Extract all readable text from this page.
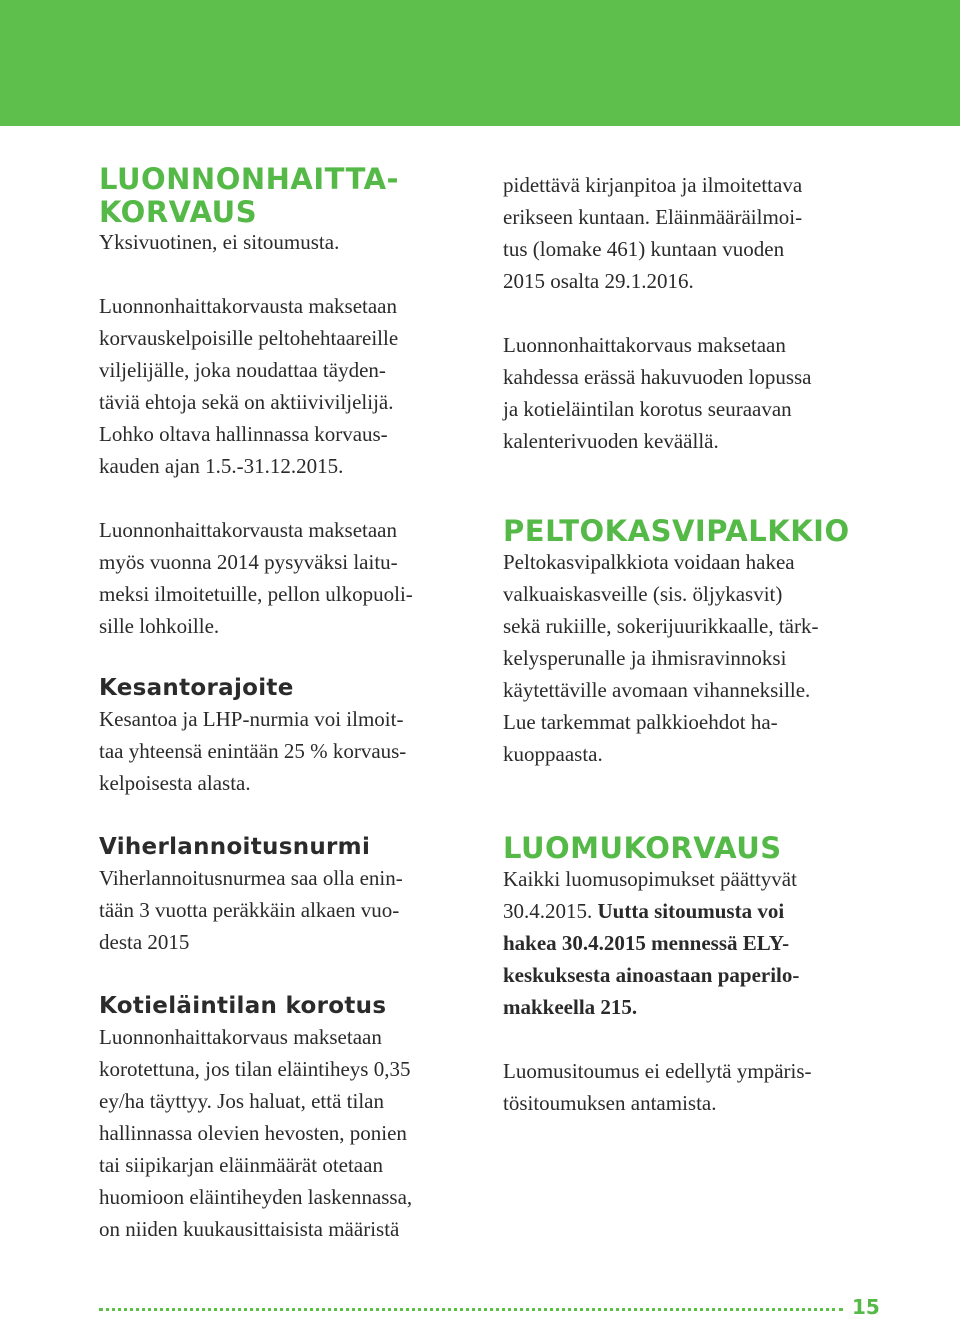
LUONNONHAITTA-
KORVAUS
Yksivuotinen, ei sitoumusta.
Luonnonhaittakorvausta maksetaan
korvauskelpoisille peltohehtaareille
viljelijälle, joka noudattaa täyden-
täviä ehtoja sekä on aktiiviviljelijä.
Lohko oltava hallinnassa korvaus-
kauden ajan 1.5.-31.12.2015.
Luonnonhaittakorvausta maksetaan
myös vuonna 2014 pysyväksi laitu-
meksi ilmoitetuille, pellon ulkopuoli-
sille lohkoille.
Kesantorajoite
Kesantoa ja LHP-nurmia voi ilmoit-
taa yhteensä enintään 25 % korvaus-
kelpoisesta alasta.
Viherlannoitusnurmi
Viherlannoitusnurmea saa olla enin-
tään 3 vuotta peräkkäin alkaen vuo-
desta 2015
Kotieläintilan korotus
Luonnonhaittakorvaus maksetaan
korotettuna, jos tilan eläintiheys 0,35
ey/ha täyttyy. Jos haluat, että tilan
hallinnassa olevien hevosten, ponien
tai siipikarjan eläinmäärät otetaan
huomioon eläintiheyden laskennassa,
on niiden kuukausittaisista määristä
pidettävä kirjanpitoa ja ilmoitettava
erikseen kuntaan. Eläinmääräilmoi-
tus (lomake 461) kuntaan vuoden
2015 osalta 29.1.2016.
Luonnonhaittakorvaus maksetaan
kahdessa erässä hakuvuoden lopussa
ja kotieläintilan korotus seuraavan
kalenterivuoden keväällä.
PELTOKASVIPALKKIO
Peltokasvipalkkiota voidaan hakea
valkuaiskasveille (sis. öljykasvit)
sekä rukiille, sokerijuurikkaalle, tärk-
kelysperunalle ja ihmisravinnoksi
käytettäville avomaan vihanneksille.
Lue tarkemmat palkkioehdot ha-
kuoppaasta.
LUOMUKORVAUS
Kaikki luomusopimukset päättyvät
30.4.2015. Uutta sitoumusta voi
hakea 30.4.2015 mennessä ELY-
keskuksesta ainoastaan paperilo-
makkeella 215.
Luomusitoumus ei edellytä ympäris-
tösitoumuksen antamista.
15
